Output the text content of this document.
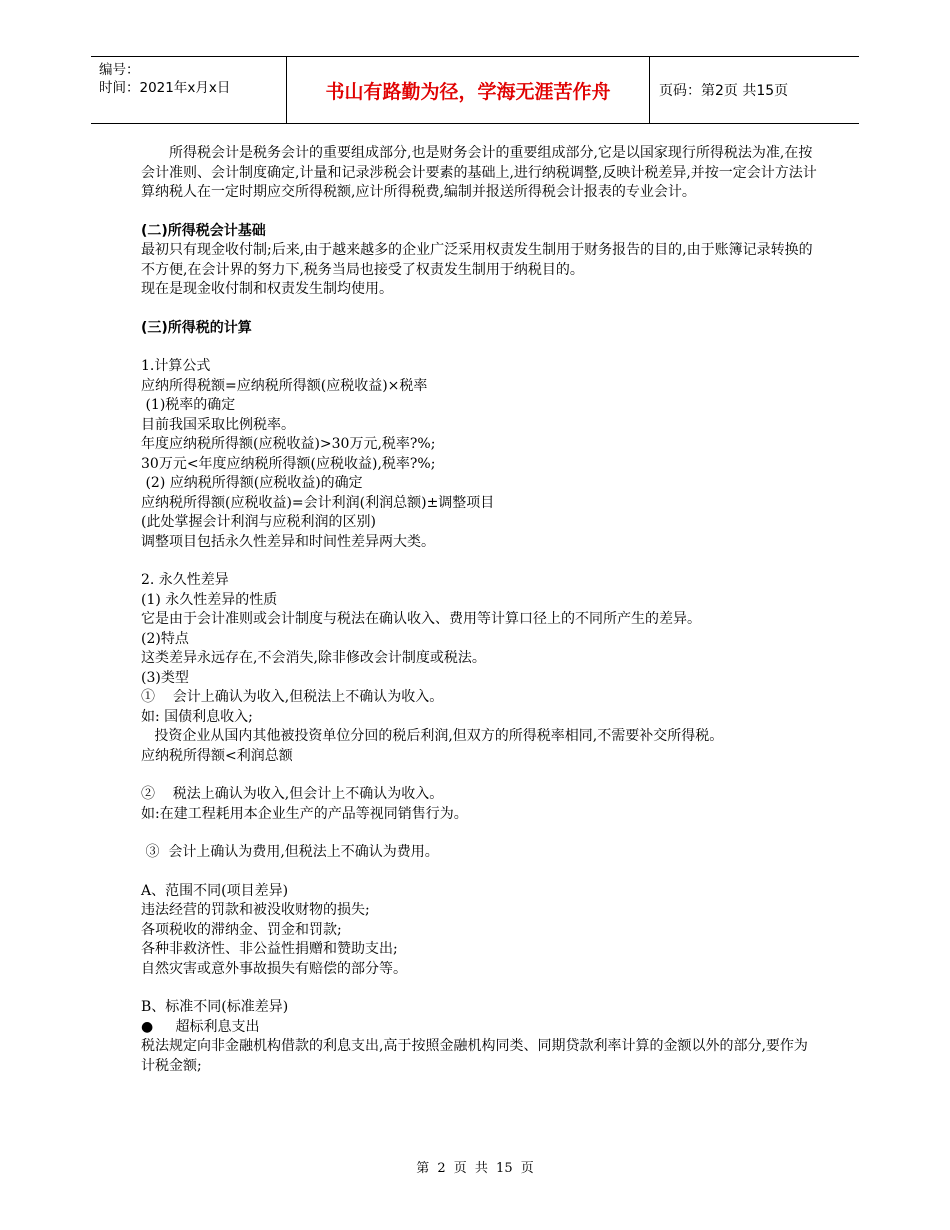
编号：
时间：2021年x月x日	书山有路勤为径，学海无涯苦作舟	页码：第2页 共15页

所得税会计是税务会计的重要组成部分,也是财务会计的重要组成部分,它是以国家现行所得税法为准,在按会计准则、会计制度确定,计量和记录涉税会计要素的基础上,进行纳税调整,反映计税差异,并按一定会计方法计算纳税人在一定时期应交所得税额,应计所得税费,编制并报送所得税会计报表的专业会计。

(二)所得税会计基础

最初只有现金收付制;后来,由于越来越多的企业广泛采用权责发生制用于财务报告的目的,由于账簿记录转换的不方便,在会计界的努力下,税务当局也接受了权责发生制用于纳税目的。

现在是现金收付制和权责发生制均使用。

(三)所得税的计算

1.计算公式

应纳所得税额=应纳税所得额(应税收益)×税率

(1)税率的确定

目前我国采取比例税率。

年度应纳税所得额(应税收益)>30万元,税率?%;

30万元<年度应纳税所得额(应税收益),税率?%;

(2) 应纳税所得额(应税收益)的确定

应纳税所得额(应税收益)=会计利润(利润总额)±调整项目

(此处掌握会计利润与应税利润的区别)

调整项目包括永久性差异和时间性差异两大类。

2. 永久性差异

(1) 永久性差异的性质

它是由于会计准则或会计制度与税法在确认收入、费用等计算口径上的不同所产生的差异。

(2)特点

这类差异永远存在,不会消失,除非修改会计制度或税法。

(3)类型

①    会计上确认为收入,但税法上不确认为收入。

如: 国债利息收入;

投资企业从国内其他被投资单位分回的税后利润,但双方的所得税率相同,不需要补交所得税。

应纳税所得额<利润总额

②    税法上确认为收入,但会计上不确认为收入。

如:在建工程耗用本企业生产的产品等视同销售行为。

③  会计上确认为费用,但税法上不确认为费用。

A、范围不同(项目差异)

违法经营的罚款和被没收财物的损失;

各项税收的滞纳金、罚金和罚款;

各种非救济性、非公益性捐赠和赞助支出;

自然灾害或意外事故损失有赔偿的部分等。

B、标准不同(标准差异)

●     超标利息支出

税法规定向非金融机构借款的利息支出,高于按照金融机构同类、同期贷款利率计算的金额以外的部分,要作为计税金额;

第 2 页 共 15 页
